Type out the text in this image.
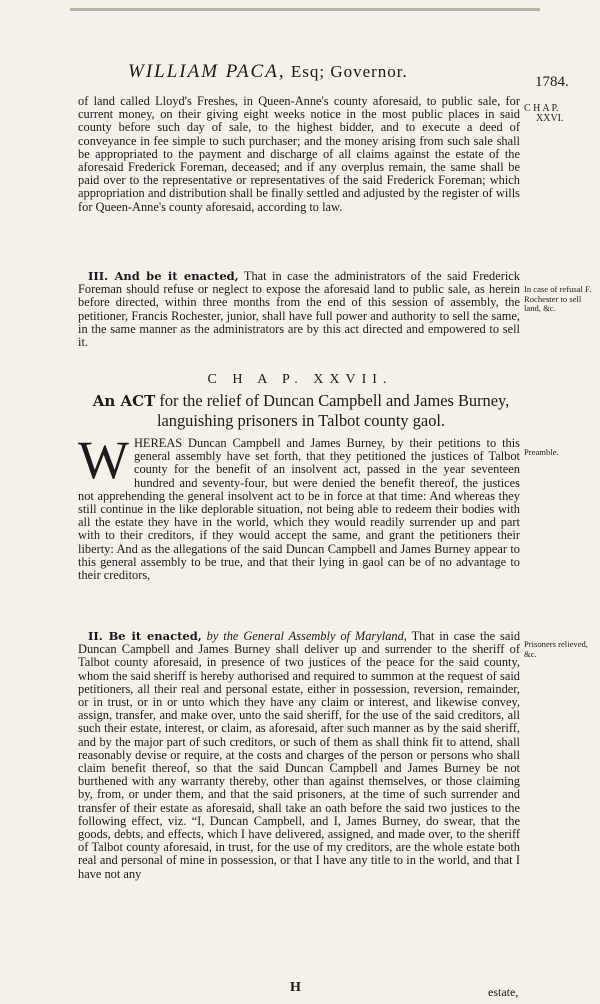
WILLIAM PACA, Esq; Governor.
1784.

of land called Lloyd's Freshes, in Queen-Anne's county aforesaid, to public sale, for current money, on their giving eight weeks notice in the most public places in said county before such day of sale, to the highest bidder, and to execute a deed of conveyance in fee simple to such purchaser; and the money arising from such sale shall be appropriated to the payment and discharge of all claims against the estate of the aforesaid Frederick Foreman, deceased; and if any overplus remain, the same shall be paid over to the representative or representatives of the said Frederick Foreman; which appropriation and distribution shall be finally settled and adjusted by the register of wills for Queen-Anne's county aforesaid, according to law.

C H A P.
XXVI.

III. And be it enacted, That in case the administrators of the said Frederick Foreman should refuse or neglect to expose the aforesaid land to public sale, as herein before directed, within three months from the end of this session of assembly, the petitioner, Francis Rochester, junior, shall have full power and authority to sell the same, in the same manner as the administrators are by this act directed and empowered to sell it.

In case of refusal F. Rochester to sell land, &c.
C H A P. XXVII.
An ACT for the relief of Duncan Campbell and James Burney, languishing prisoners in Talbot county gaol.

WHEREAS Duncan Campbell and James Burney, by their petitions to this general assembly have set forth, that they petitioned the justices of Talbot county for the benefit of an insolvent act, passed in the year seventeen hundred and seventy-four, but were denied the benefit thereof, the justices not apprehending the general insolvent act to be in force at that time: And whereas they still continue in the like deplorable situation, not being able to redeem their bodies with all the estate they have in the world, which they would readily surrender up and part with to their creditors, if they would accept the same, and grant the petitioners their liberty: And as the allegations of the said Duncan Campbell and James Burney appear to this general assembly to be true, and that their lying in gaol can be of no advantage to their creditors,

Preamble.

II. Be it enacted, by the General Assembly of Maryland, That in case the said Duncan Campbell and James Burney shall deliver up and surrender to the sheriff of Talbot county aforesaid, in presence of two justices of the peace for the said county, whom the said sheriff is hereby authorised and required to summon at the request of said petitioners, all their real and personal estate, either in possession, reversion, remainder, or in trust, or in or unto which they have any claim or interest, and likewise convey, assign, transfer, and make over, unto the said sheriff, for the use of the said creditors, all such their estate, interest, or claim, as aforesaid, after such manner as by the said sheriff, and by the major part of such creditors, or such of them as shall think fit to attend, shall reasonably devise or require, at the costs and charges of the person or persons who shall claim benefit thereof, so that the said Duncan Campbell and James Burney be not burthened with any warranty thereby, other than against themselves, or those claiming by, from, or under them, and that the said prisoners, at the time of such surrender and transfer of their estate as aforesaid, shall take an oath before the said two justices to the following effect, viz. “I, Duncan Campbell, and I, James Burney, do swear, that the goods, debts, and effects, which I have delivered, assigned, and made over, to the sheriff of Talbot county aforesaid, in trust, for the use of my creditors, are the whole estate both real and personal of mine in possession, or that I have any title to in the world, and that I have not any

Prisoners relieved, &c.
H	estate,
